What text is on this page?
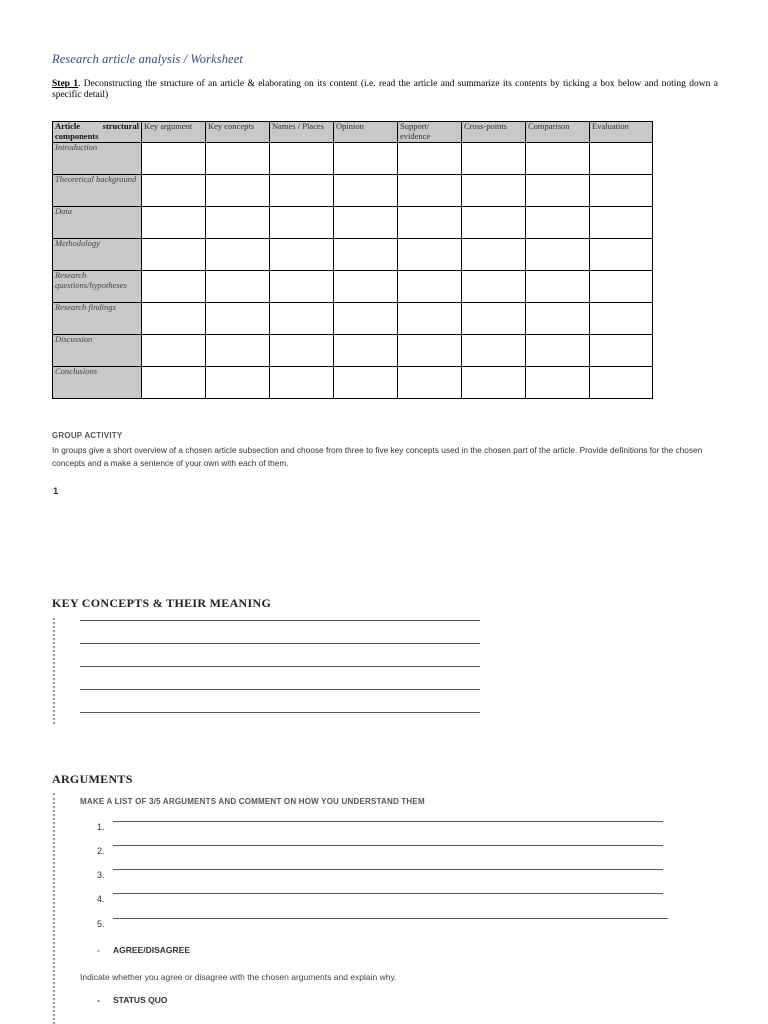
Research article analysis / Worksheet
Step 1. Deconstructing the structure of an article & elaborating on its content (i.e. read the article and summarize its contents by ticking a box below and noting down a specific detail)
Article structural components	Key argument	Key concepts	Names / Places	Opinion	Support/ evidence	Cross-points	Comparison	Evaluation
Introduction								
Theoretical background								
Data								
Methodology								
Research questions/hypotheses								
Research findings								
Discussion								
Conclusions								
GROUP ACTIVITY
In groups give a short overview of a chosen article subsection and choose from three to five key concepts used in the chosen part of the article. Provide definitions for the chosen concepts and a make a sentence of your own with each of them.
1
KEY CONCEPTS & THEIR MEANING
ARGUMENTS
MAKE A LIST OF 3/5 ARGUMENTS AND COMMENT ON HOW YOU UNDERSTAND THEM
1.
2.
3.
4.
5.
- AGREE/DISAGREE
Indicate whether you agree or disagree with the chosen arguments and explain why.
- STATUS QUO
